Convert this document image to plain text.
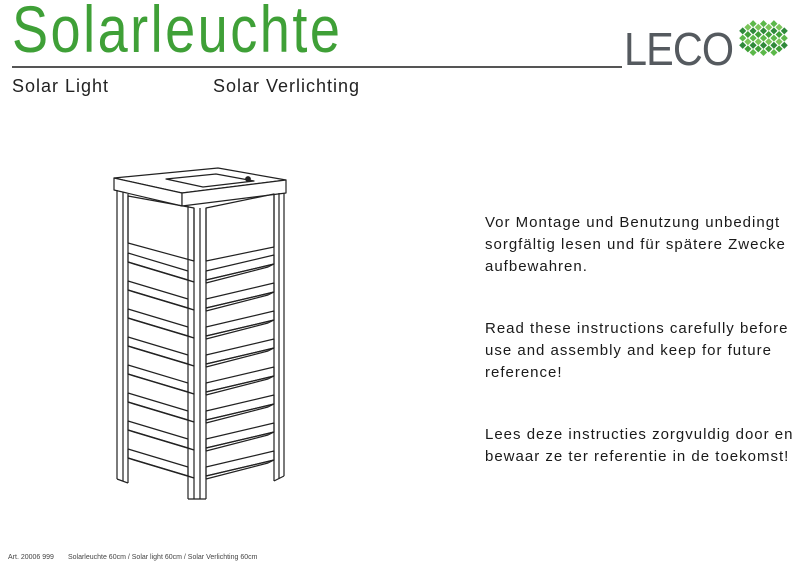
Solarleuchte
Solar Light	Solar Verlichting
LECO
Vor Montage und Benutzung unbedingt sorgfältig lesen und für spätere Zwecke aufbewahren.
Read these instructions carefully before use and assembly and keep for future reference!
Lees deze instructies zorgvuldig door en bewaar ze ter referentie in de toekomst!
Art. 20006 999 Solarleuchte 60cm / Solar light 60cm / Solar Verlichting 60cm
